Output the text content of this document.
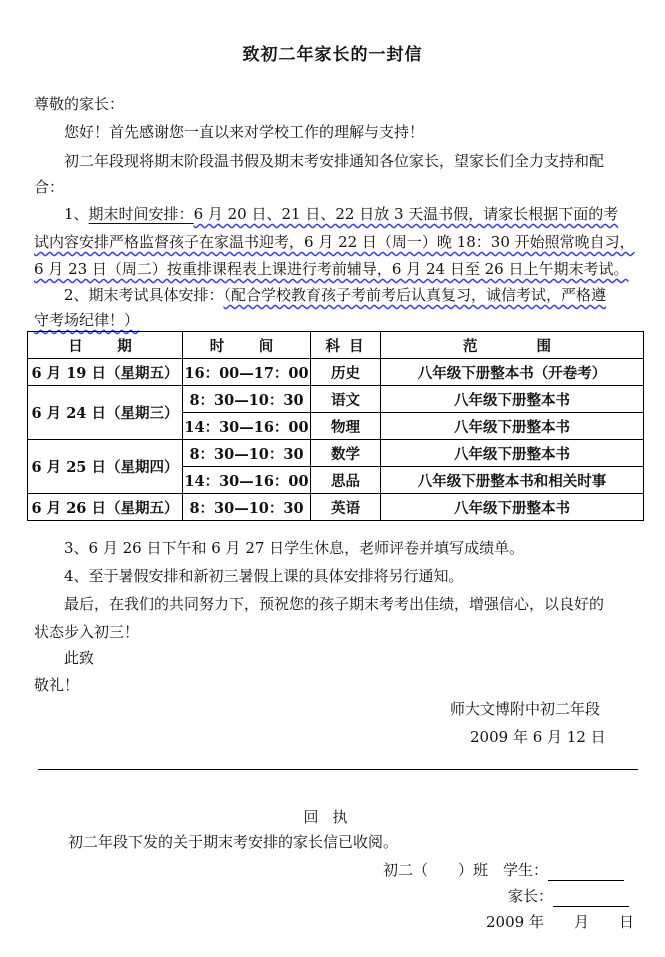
致初二年家长的一封信
尊敬的家长：
您好！首先感谢您一直以来对学校工作的理解与支持！
初二年段现将期末阶段温书假及期末考安排通知各位家长，望家长们全力支持和配
合：
1、期末时间安排：6 月 20 日、21 日、22 日放 3 天温书假，请家长根据下面的考
试内容安排严格监督孩子在家温书迎考，6 月 22 日（周一）晚 18：30 开始照常晚自习，
6 月 23 日（周二）按重排课程表上课进行考前辅导，6 月 24 日至 26 日上午期末考试。
2、期末考试具体安排：（配合学校教育孩子考前考后认真复习，诚信考试，严格遵
守考场纪律！）
日　期	时　间	科 目	范　　围
6 月 19 日（星期五）	16：00—17：00	历史	八年级下册整本书（开卷考）
6 月 24 日（星期三）	8：30—10：30	语文	八年级下册整本书
	14：30—16：00	物理	八年级下册整本书
6 月 25 日（星期四）	8：30—10：30	数学	八年级下册整本书
	14：30—16：00	思品	八年级下册整本书和相关时事
6 月 26 日（星期五）	8：30—10：30	英语	八年级下册整本书
3、6 月 26 日下午和 6 月 27 日学生休息，老师评卷并填写成绩单。
4、至于暑假安排和新初三暑假上课的具体安排将另行通知。
最后，在我们的共同努力下，预祝您的孩子期末考考出佳绩，增强信心，以良好的
状态步入初三！
此致
敬礼！
师大文博附中初二年段
2009 年 6 月 12 日
回执
初二年段下发的关于期末考安排的家长信已收阅。
初二（　　）班　学生：
家长：
2009 年　　月　　日
